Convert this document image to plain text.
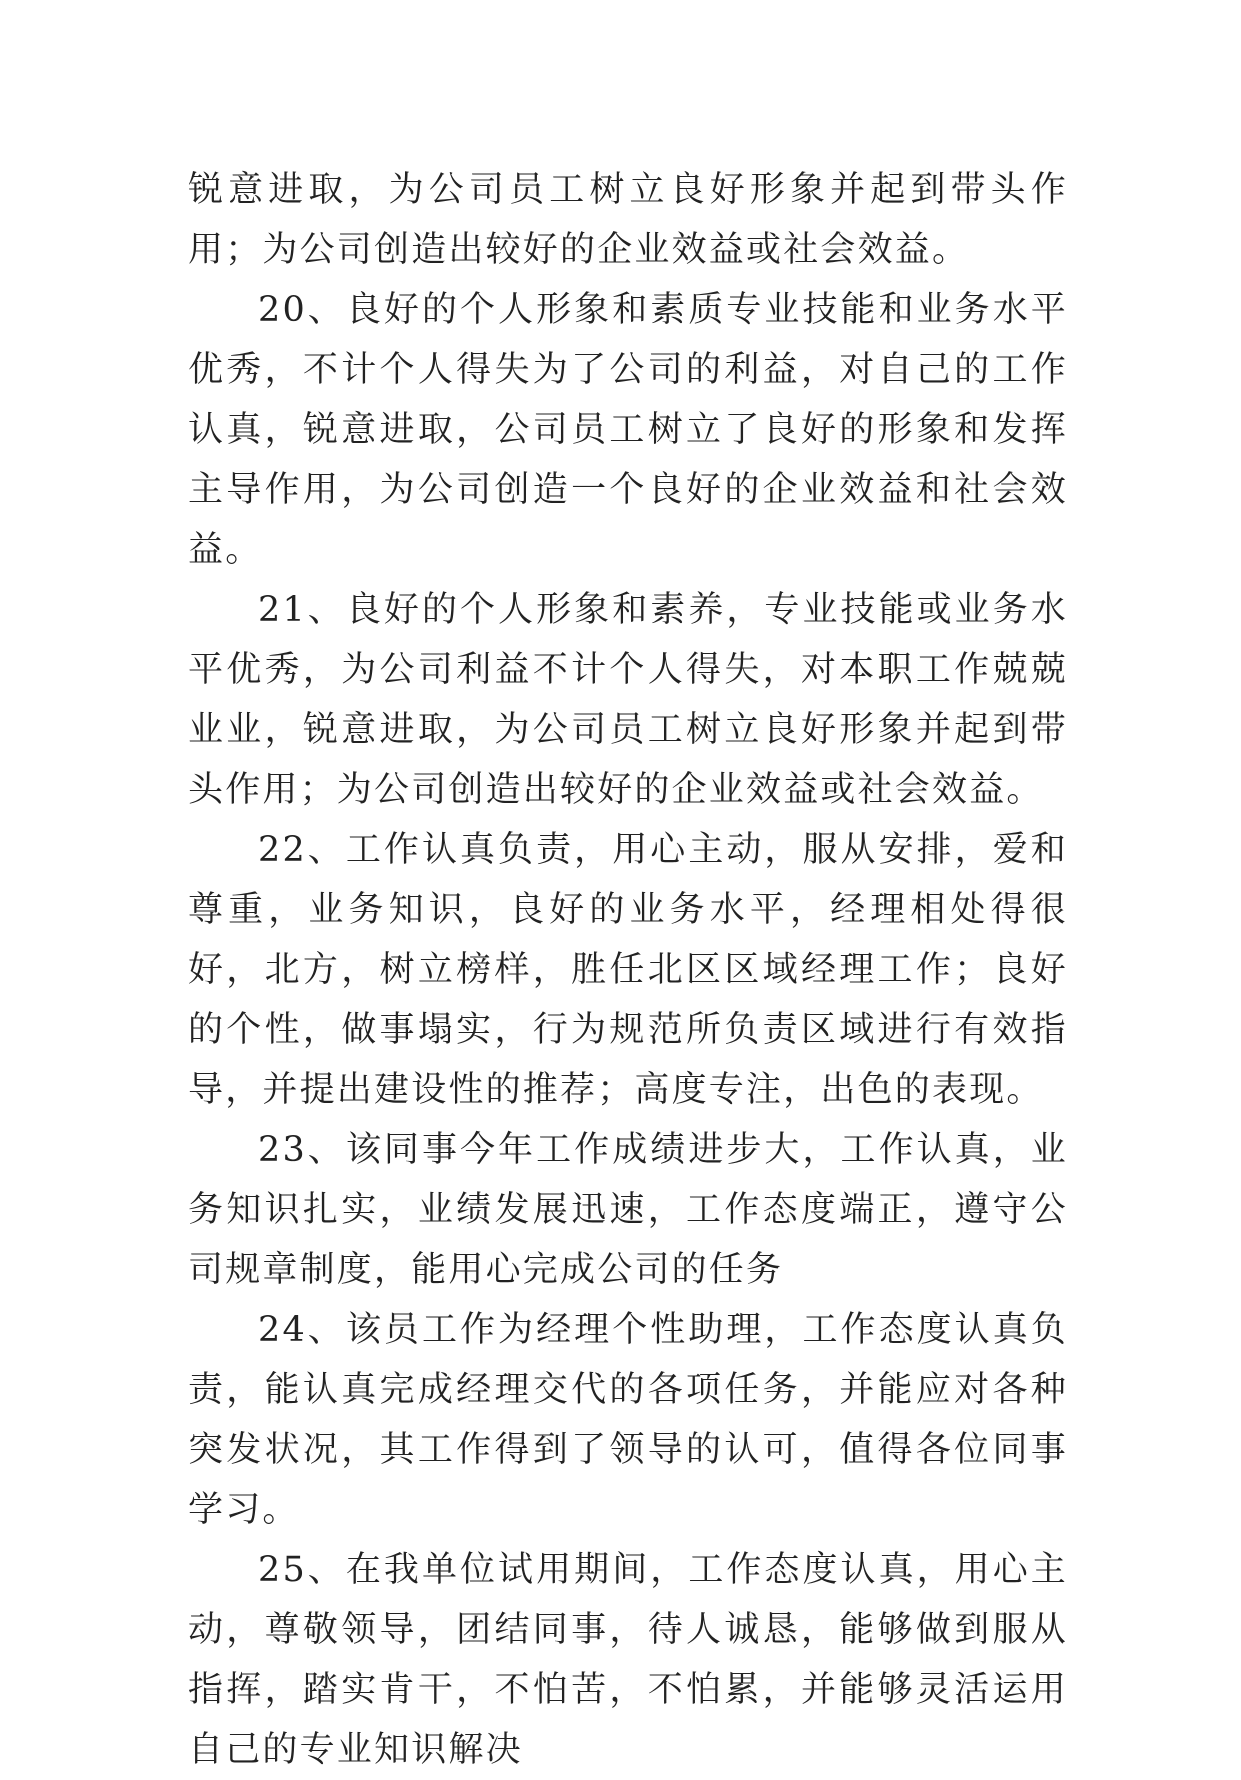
锐意进取，为公司员工树立良好形象并起到带头作用；为公司创造出较好的企业效益或社会效益。

20、良好的个人形象和素质专业技能和业务水平优秀，不计个人得失为了公司的利益，对自己的工作认真，锐意进取，公司员工树立了良好的形象和发挥主导作用，为公司创造一个良好的企业效益和社会效益。

21、良好的个人形象和素养，专业技能或业务水平优秀，为公司利益不计个人得失，对本职工作兢兢业业，锐意进取，为公司员工树立良好形象并起到带头作用；为公司创造出较好的企业效益或社会效益。

22、工作认真负责，用心主动，服从安排，爱和尊重，业务知识，良好的业务水平，经理相处得很好，北方，树立榜样，胜任北区区域经理工作；良好的个性，做事塌实，行为规范所负责区域进行有效指导，并提出建设性的推荐；高度专注，出色的表现。

23、该同事今年工作成绩进步大，工作认真，业务知识扎实，业绩发展迅速，工作态度端正，遵守公司规章制度，能用心完成公司的任务

24、该员工作为经理个性助理，工作态度认真负责，能认真完成经理交代的各项任务，并能应对各种突发状况，其工作得到了领导的认可，值得各位同事学习。

25、在我单位试用期间，工作态度认真，用心主动，尊敬领导，团结同事，待人诚恳，能够做到服从指挥，踏实肯干，不怕苦，不怕累，并能够灵活运用自己的专业知识解决
